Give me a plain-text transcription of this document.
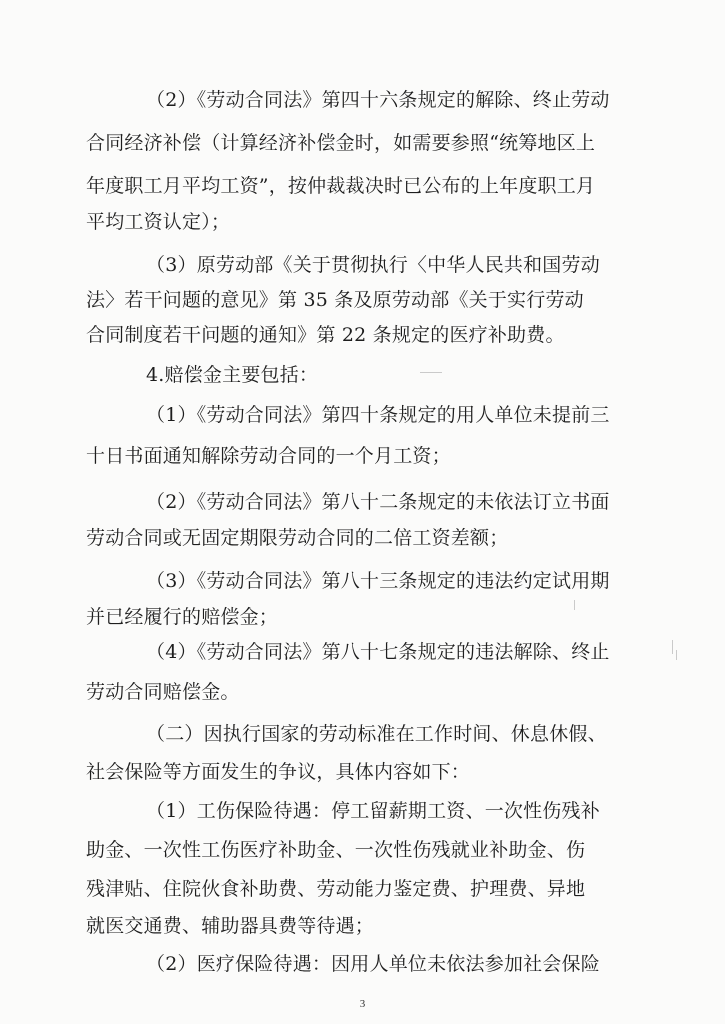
（2）《劳动合同法》第四十六条规定的解除、终止劳动
合同经济补偿（计算经济补偿金时，如需要参照“统筹地区上
年度职工月平均工资”，按仲裁裁决时已公布的上年度职工月
平均工资认定）；
（3）原劳动部《关于贯彻执行〈中华人民共和国劳动
法〉若干问题的意见》第 35 条及原劳动部《关于实行劳动
合同制度若干问题的通知》第 22 条规定的医疗补助费。
4.赔偿金主要包括：
（1）《劳动合同法》第四十条规定的用人单位未提前三
十日书面通知解除劳动合同的一个月工资；
（2）《劳动合同法》第八十二条规定的未依法订立书面
劳动合同或无固定期限劳动合同的二倍工资差额；
（3）《劳动合同法》第八十三条规定的违法约定试用期
并已经履行的赔偿金；
（4）《劳动合同法》第八十七条规定的违法解除、终止
劳动合同赔偿金。
（二）因执行国家的劳动标准在工作时间、休息休假、
社会保险等方面发生的争议，具体内容如下：
（1）工伤保险待遇：停工留薪期工资、一次性伤残补
助金、一次性工伤医疗补助金、一次性伤残就业补助金、伤
残津贴、住院伙食补助费、劳动能力鉴定费、护理费、异地
就医交通费、辅助器具费等待遇；
（2）医疗保险待遇：因用人单位未依法参加社会保险
3
